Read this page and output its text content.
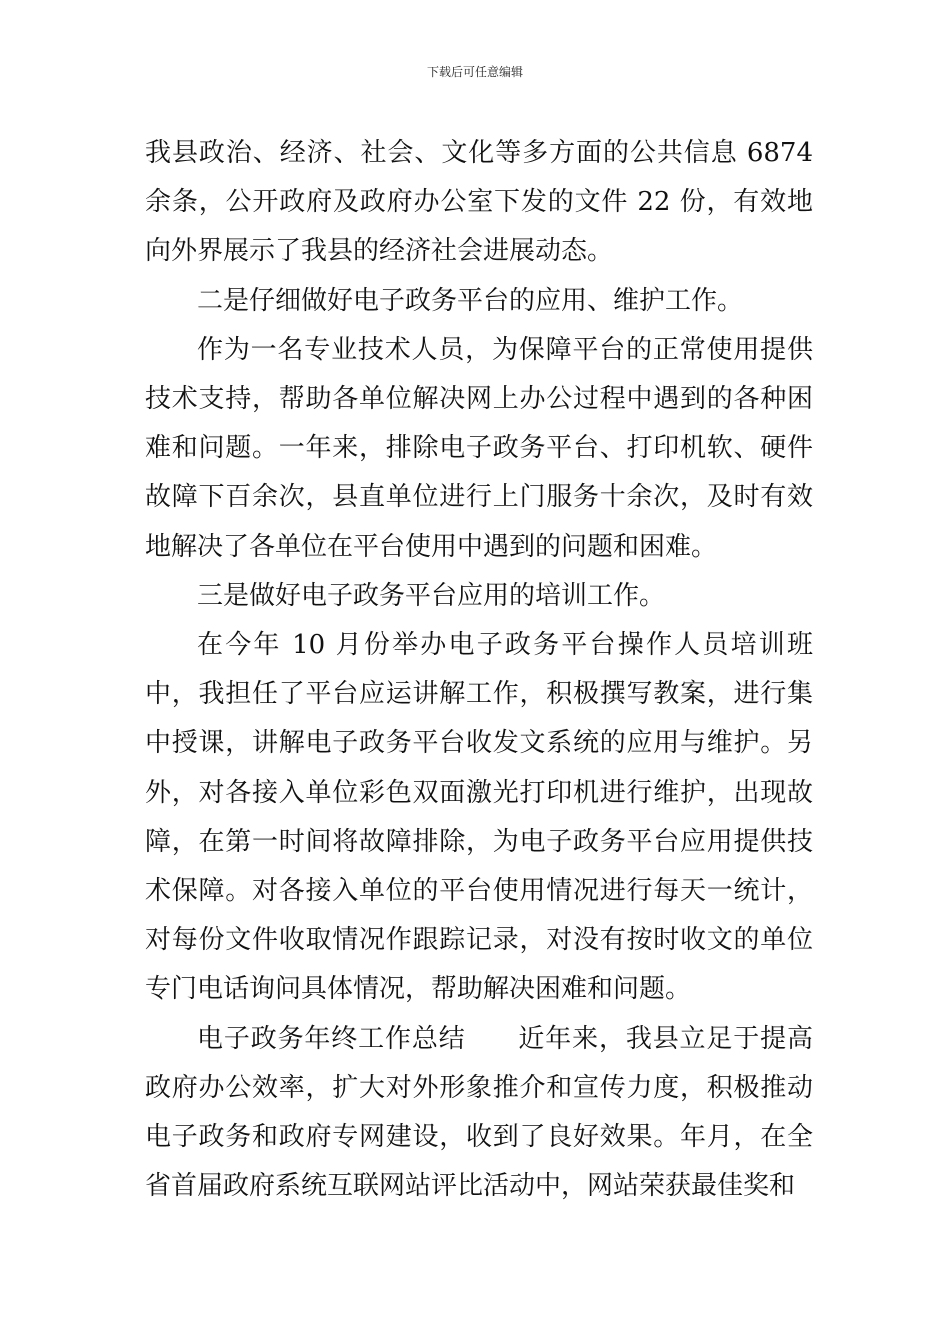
下载后可任意编辑

我县政治、经济、社会、文化等多方面的公共信息 6874 余条，公开政府及政府办公室下发的文件 22 份，有效地向外界展示了我县的经济社会进展动态。

二是仔细做好电子政务平台的应用、维护工作。

作为一名专业技术人员，为保障平台的正常使用提供技术支持，帮助各单位解决网上办公过程中遇到的各种困难和问题。一年来，排除电子政务平台、打印机软、硬件故障下百余次，县直单位进行上门服务十余次，及时有效地解决了各单位在平台使用中遇到的问题和困难。

三是做好电子政务平台应用的培训工作。

在今年 10 月份举办电子政务平台操作人员培训班中，我担任了平台应运讲解工作，积极撰写教案，进行集中授课，讲解电子政务平台收发文系统的应用与维护。另外，对各接入单位彩色双面激光打印机进行维护，出现故障，在第一时间将故障排除，为电子政务平台应用提供技术保障。对各接入单位的平台使用情况进行每天一统计，对每份文件收取情况作跟踪记录，对没有按时收文的单位专门电话询问具体情况，帮助解决困难和问题。

电子政务年终工作总结 近年来，我县立足于提高政府办公效率，扩大对外形象推介和宣传力度，积极推动电子政务和政府专网建设，收到了良好效果。年月，在全省首届政府系统互联网站评比活动中，网站荣获最佳奖和
